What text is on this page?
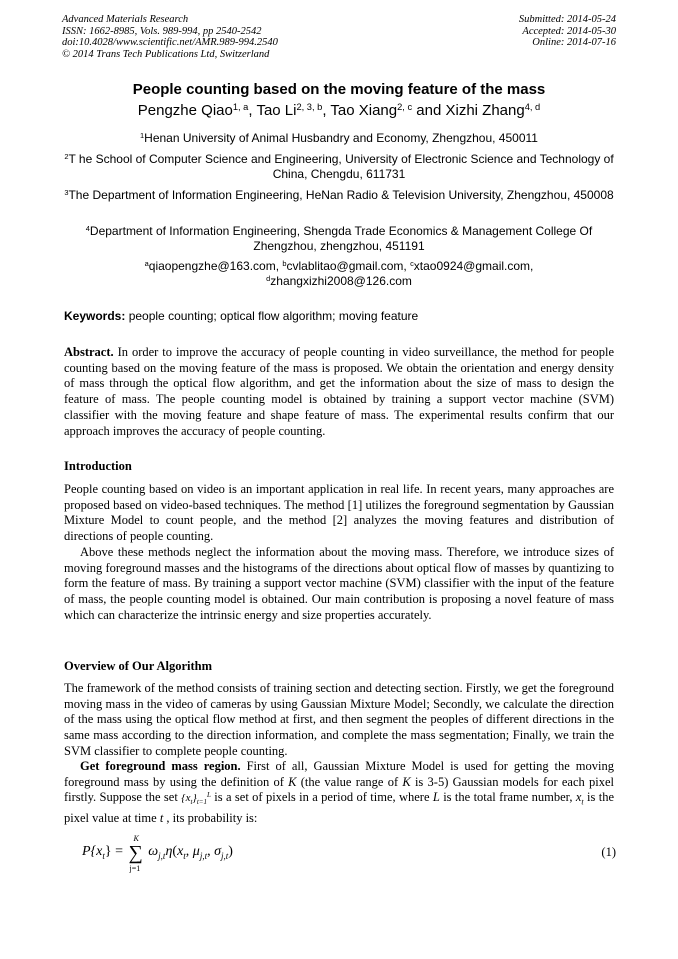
Advanced Materials Research
ISSN: 1662-8985, Vols. 989-994, pp 2540-2542
doi:10.4028/www.scientific.net/AMR.989-994.2540
© 2014 Trans Tech Publications Ltd, Switzerland
Submitted: 2014-05-24
Accepted: 2014-05-30
Online: 2014-07-16
People counting based on the moving feature of the mass
Pengzhe Qiao$^{1, a}$, Tao Li$^{2, 3, b}$, Tao Xiang$^{2, c}$ and Xizhi Zhang$^{4, d}$
$^1$Henan University of Animal Husbandry and Economy, Zhengzhou, 450011
$^2$T he School of Computer Science and Engineering, University of Electronic Science and Technology of China, Chengdu, 611731
$^3$The Department of Information Engineering, HeNan Radio & Television University, Zhengzhou, 450008
$^4$Department of Information Engineering, Shengda Trade Economics & Management College Of Zhengzhou, zhengzhou, 451191
$^a$qiaopengzhe@163.com, $^b$cvlablitao@gmail.com, $^c$xtao0924@gmail.com,
$^d$zhangxizhi2008@126.com
Keywords: people counting; optical flow algorithm; moving feature
Abstract. In order to improve the accuracy of people counting in video surveillance, the method for people counting based on the moving feature of the mass is proposed. We obtain the orientation and energy density of mass through the optical flow algorithm, and get the information about the size of mass to design the feature of mass. The people counting model is obtained by training a support vector machine (SVM) classifier with the moving feature and shape feature of mass. The experimental results confirm that our approach improves the accuracy of people counting.
Introduction
People counting based on video is an important application in real life. In recent years, many approaches are proposed based on video-based techniques. The method [1] utilizes the foreground segmentation by Gaussian Mixture Model to count people, and the method [2] analyzes the moving features and distribution of directions of people counting.
Above these methods neglect the information about the moving mass. Therefore, we introduce sizes of moving foreground masses and the histograms of the directions about optical flow of masses by quantizing to form the feature of mass. By training a support vector machine (SVM) classifier with the input of the feature of mass, the people counting model is obtained. Our main contribution is proposing a novel feature of mass which can characterize the intrinsic energy and size properties accurately.
Overview of Our Algorithm
The framework of the method consists of training section and detecting section. Firstly, we get the foreground moving mass in the video of cameras by using Gaussian Mixture Model; Secondly, we calculate the direction of the mass using the optical flow method at first, and then segment the peoples of different directions in the same mass according to the direction information, and complete the mass segmentation; Finally, we train the SVM classifier to complete people counting.
Get foreground mass region. First of all, Gaussian Mixture Model is used for getting the moving foreground mass by using the definition of K (the value range of K is 3-5) Gaussian models for each pixel firstly. Suppose the set $\{x_t\}_{t=1}^L$ is a set of pixels in a period of time, where L is the total frame number, $x_t$ is the pixel value at time t , its probability is:
$P\{x_t\}$ = ∑
K
j=1
$\omega_{j,t}\eta(x_t$, $\mu_{j,t}$, $\sigma_{j,t}$)	(1)
